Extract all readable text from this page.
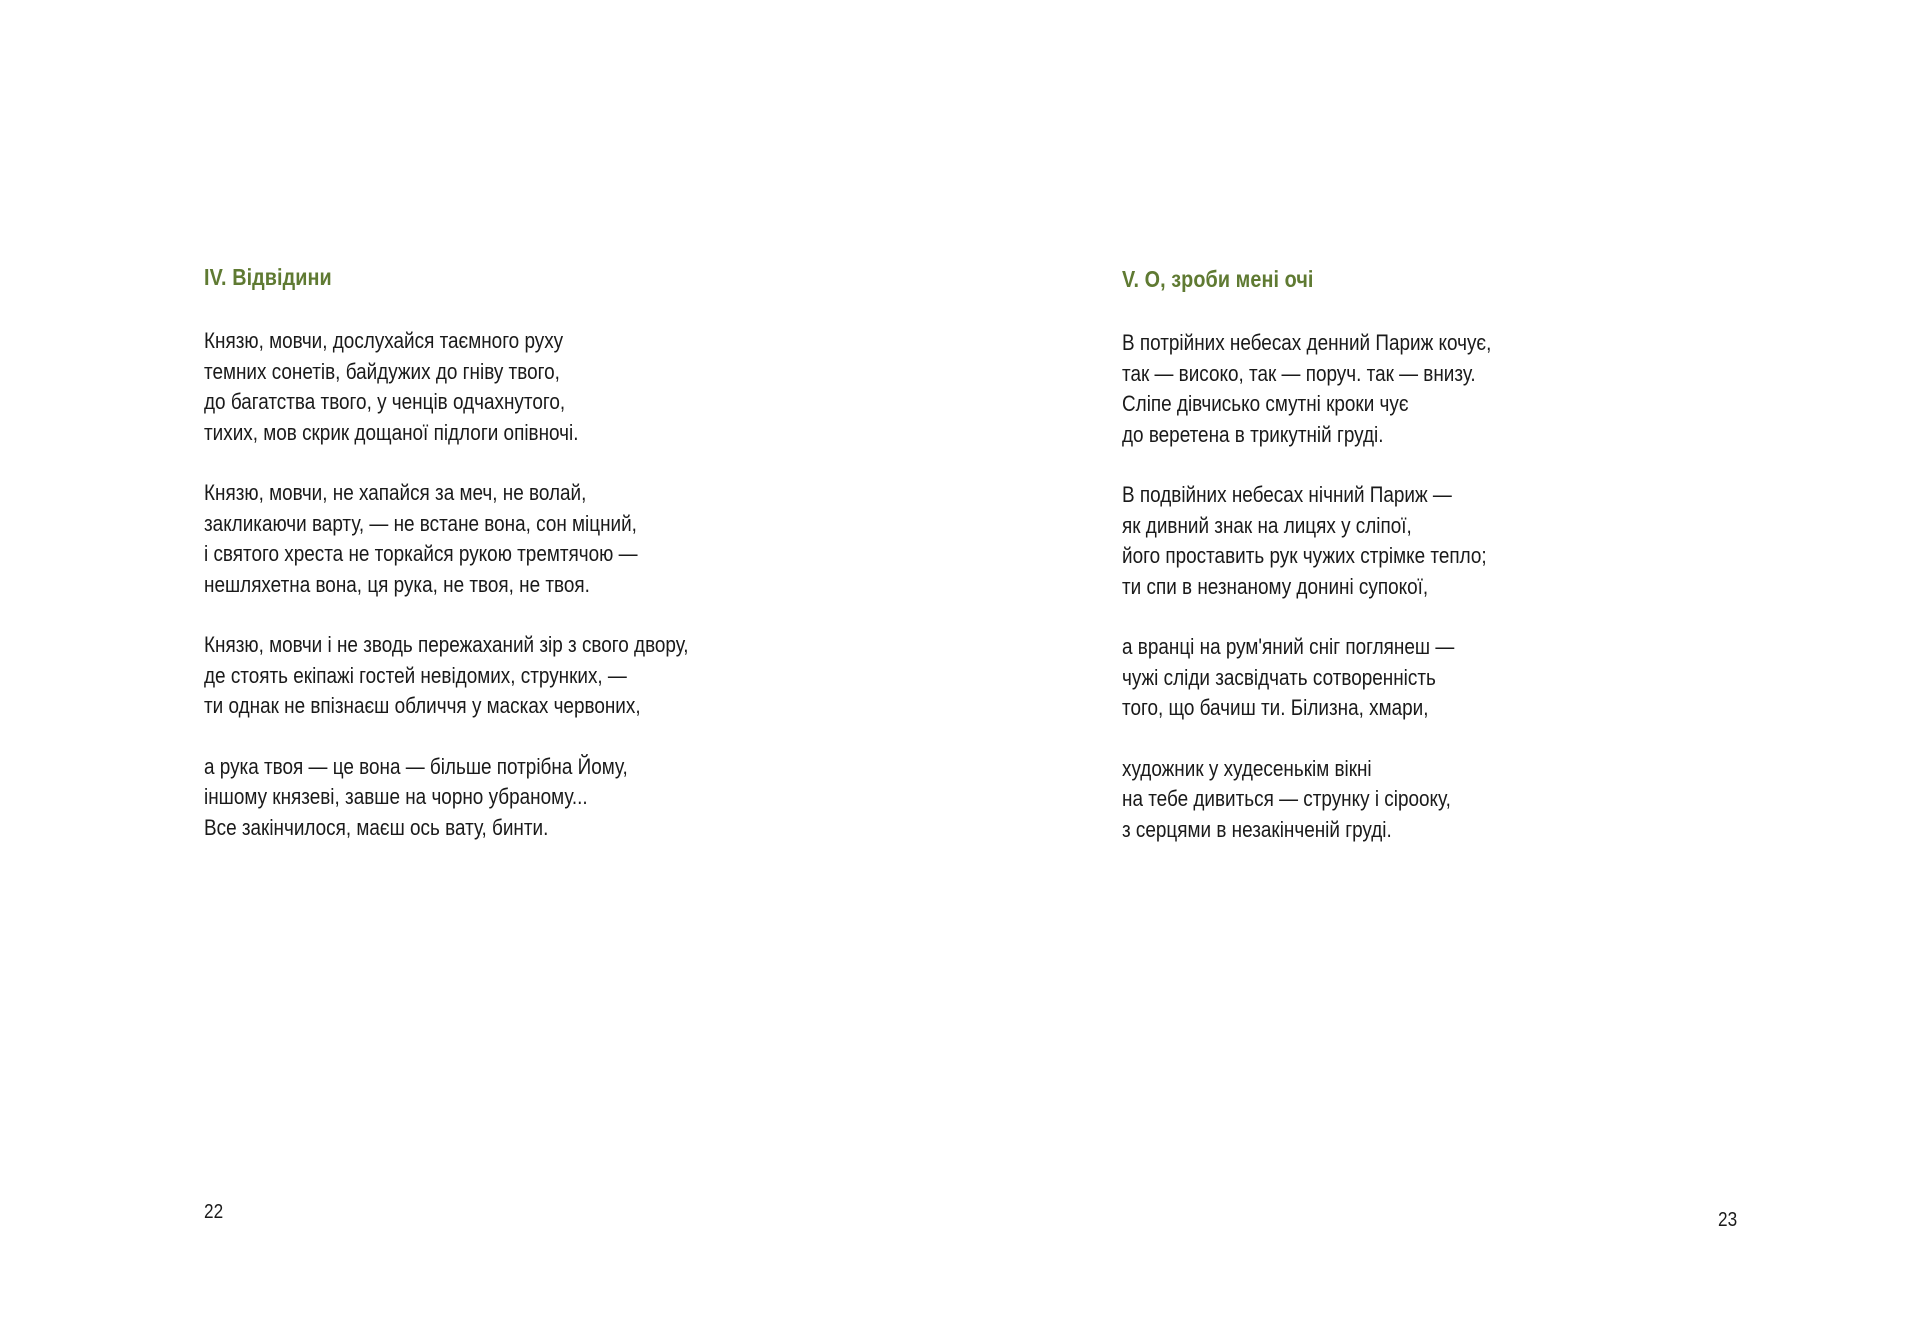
IV. Відвідини
Князю, мовчи, дослухайся таємного руху
темних сонетів, байдужих до гніву твого,
до багатства твого, у ченців одчахнутого,
тихих, мов скрик дощаної підлоги опівночі.
Князю, мовчи, не хапайся за меч, не волай,
закликаючи варту, — не встане вона, сон міцний,
і святого хреста не торкайся рукою тремтячою —
нешляхетна вона, ця рука, не твоя, не твоя.
Князю, мовчи і не зводь пережаханий зір з свого двору,
де стоять екіпажі гостей невідомих, струнких, —
ти однак не впізнаєш обличчя у масках червоних,
а рука твоя — це вона — більше потрібна Йому,
іншому князеві, завше на чорно убраному...
Все закінчилося, маєш ось вату, бинти.
22
V. О, зроби мені очі
В потрійних небесах денний Париж кочує,
так — високо, так — поруч. так — внизу.
Сліпе дівчисько смутні кроки чує
до веретена в трикутній груді.
В подвійних небесах нічний Париж —
як дивний знак на лицях у сліпої,
його проставить рук чужих стрімке тепло;
ти спи в незнаному донині супокої,
а вранці на рум'яний сніг поглянеш —
чужі сліди засвідчать сотворенність
того, що бачиш ти. Білизна, хмари,
художник у худесенькім вікні
на тебе дивиться — струнку і сірооку,
з серцями в незакінченій груді.
23
